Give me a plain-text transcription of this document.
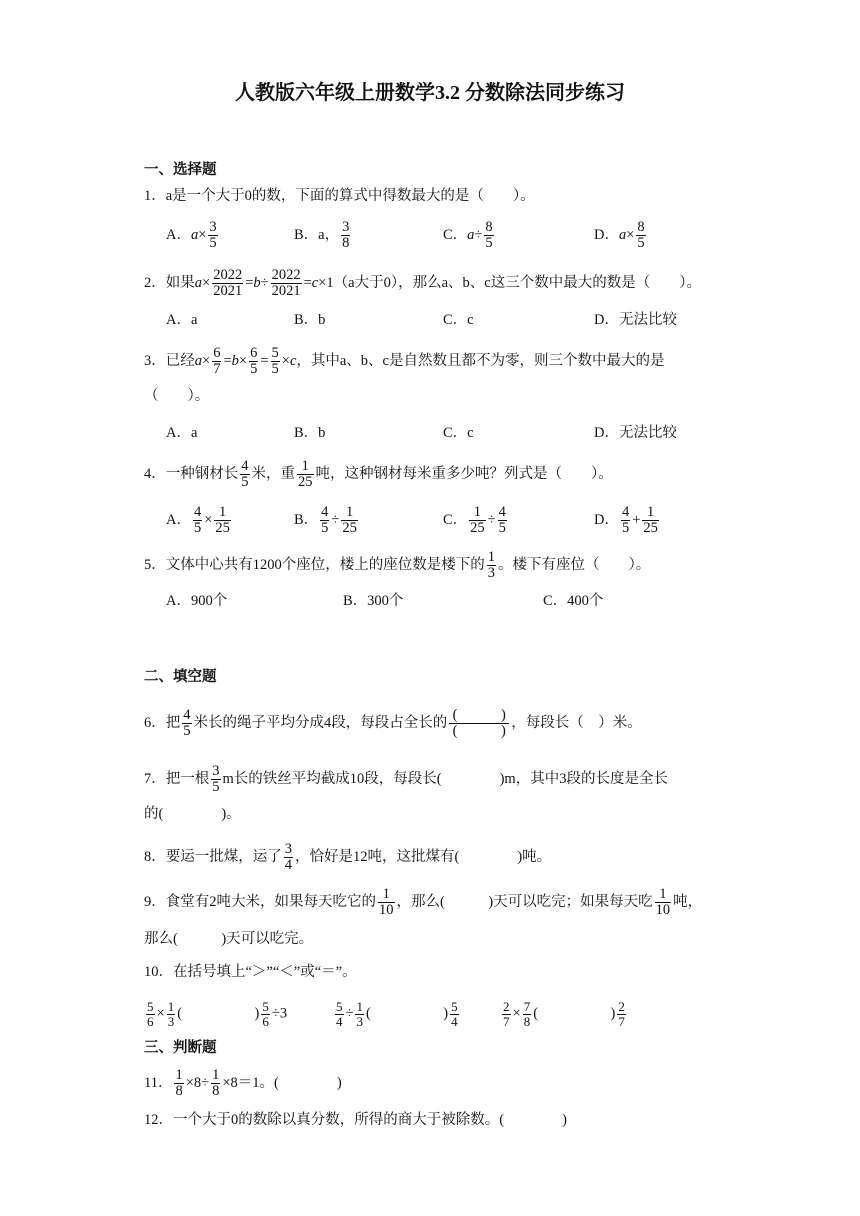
人教版六年级上册数学3.2 分数除法同步练习
一、选择题
1．a是一个大于0的数，下面的算式中得数最大的是（　　）。
A．$a\times \frac{3}{5}$	B．a， $\frac{3}{8}$	C．$a\div \frac{8}{5}$	D．$a\times \frac{8}{5}$
2．如果$a\times \frac{2022}{2021} =b\div \frac{2022}{2021} =c\times 1(a$大于0），那么a、b、c这三个数中最大的数是（　　）。
A．a	B．b	C．c	D．无法比较
3．已经$a\times \frac{6}{7} =b\times \frac{6}{5} = \frac{5}{5} \times c$，其中a、b、c是自然数且都不为零，则三个数中最大的是
（　　）。
A．a	B．b	C．c	D．无法比较
4．一种钢材长 $\frac{4}{5}$ 米，重 $\frac{1}{25}$ 吨，这种钢材每米重多少吨？列式是（　　）。
A． $\frac{4}{5} \times \frac{1}{25}$	B． $\frac{4}{5} \div \frac{1}{25}$	C． $\frac{1}{25} \div \frac{4}{5}$	D． $\frac{4}{5} + \frac{1}{25}$
5．文体中心共有1200个座位，楼上的座位数是楼下的 $\frac{1}{3}$ 。楼下有座位（　　）。
A．900个	B．300个	C．400个
二、填空题
6．把 $\frac{4}{5}$ 米长的绳子平均分成4段，每段占全长的 (　　　	)
(　　　	) ，每段长（　）米。
7．把一根 $\frac{3}{5}$ m长的铁丝平均截成10段，每段长(　　　　)m，其中3段的长度是全长
的(　　　　)。
8．要运一批煤，运了 $\frac{3}{4}$ ，恰好是12吨，这批煤有(　　　　)吨。
9．食堂有2吨大米，如果每天吃它的 $\frac{1}{10}$ ，那么(　　　)天可以吃完；如果每天吃 $\frac{1}{10}$ 吨，
那么(　　　)天可以吃完。
10．在括号填上“＞”“＜”或“＝”。
$\frac{5}{6} \times \frac{1}{3}$ (　　　　　) $\frac{5}{6} \div 3$	$\frac{5}{4} \div \frac{1}{3}$ (　　　　　) $\frac{5}{4}$	$\frac{2}{7} \times \frac{7}{8}$ (　　　　　) $\frac{2}{7}$
三、判断题
11． $\frac{1}{8} \times 8\div \frac{1}{8} \times 8=1$。(　　　　)
12．一个大于0的数除以真分数，所得的商大于被除数。(　　　　)
